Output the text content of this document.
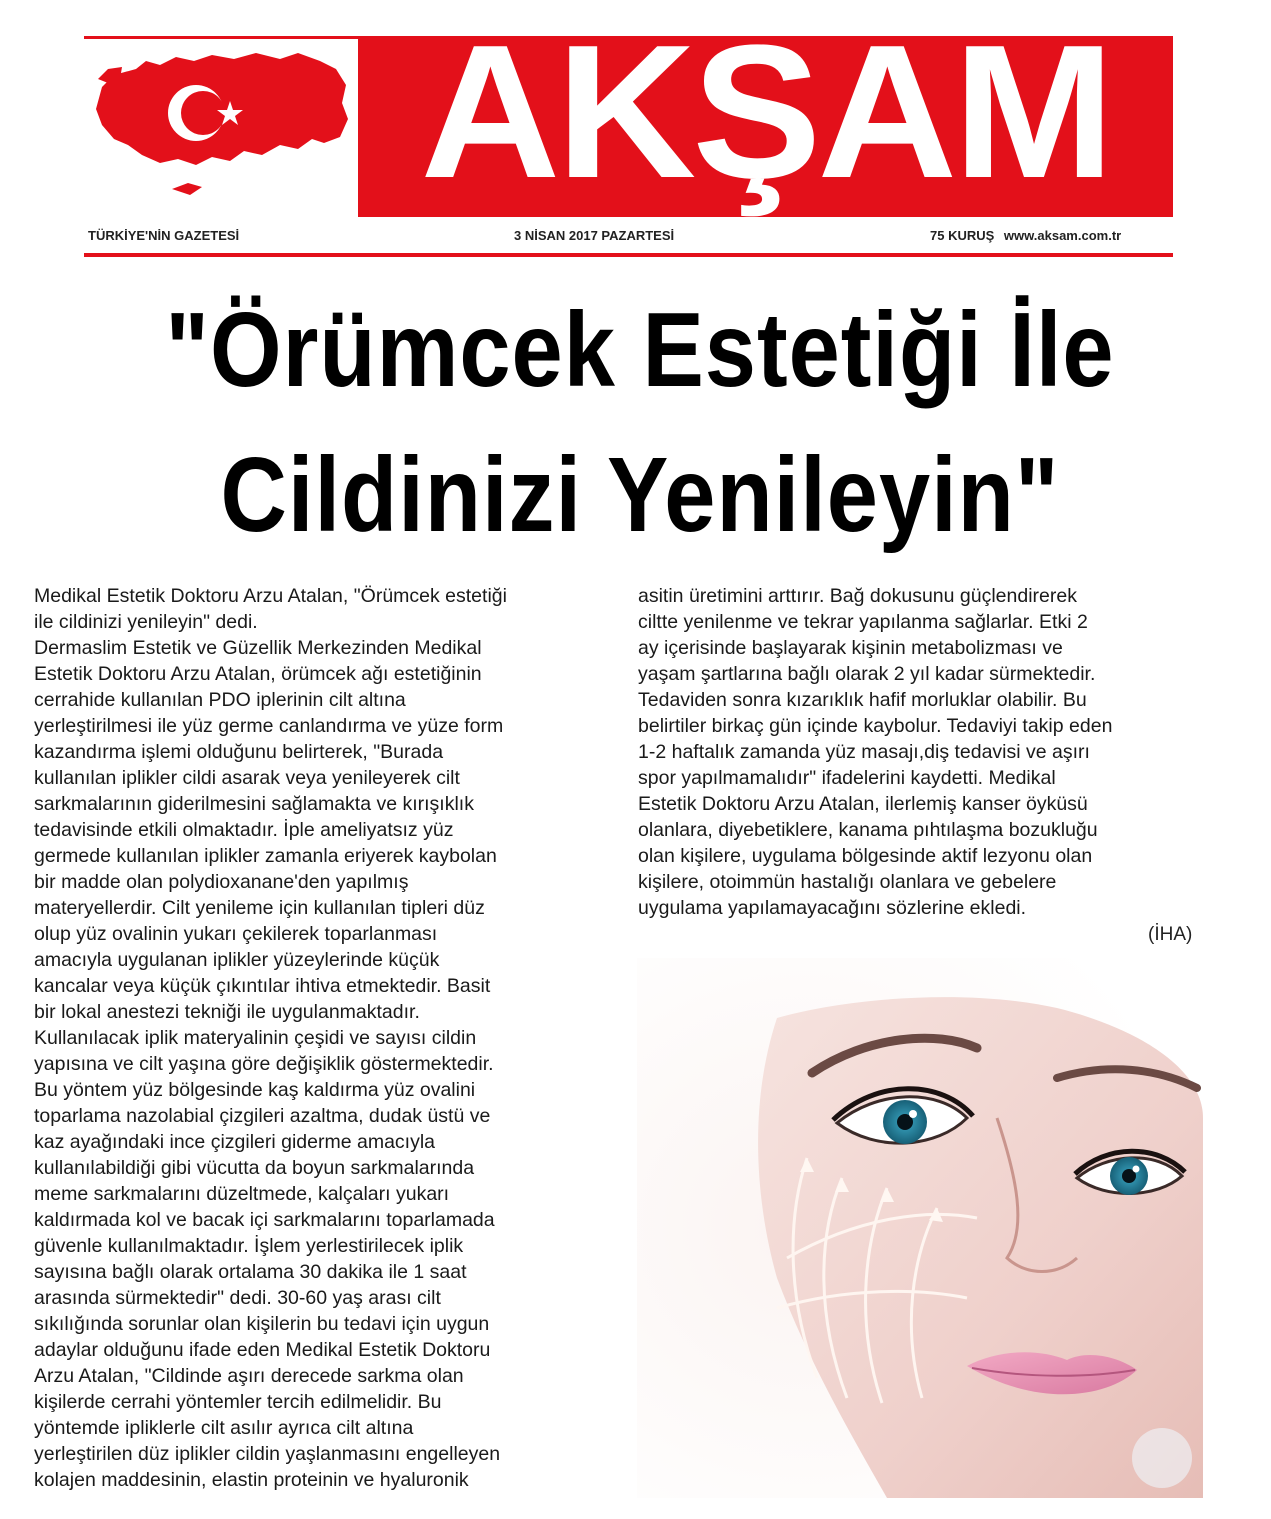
AKŞAM
TÜRKİYE'NİN GAZETESİ	3 NİSAN 2017 PAZARTESİ	75 KURUŞ www.aksam.com.tr
"Örümcek Estetiği İle
Cildinizi Yenileyin"
Medikal Estetik Doktoru Arzu Atalan, "Örümcek estetiği
ile cildinizi yenileyin" dedi.
Dermaslim Estetik ve Güzellik Merkezinden Medikal
Estetik Doktoru Arzu Atalan, örümcek ağı estetiğinin
cerrahide kullanılan PDO iplerinin cilt altına
yerleştirilmesi ile yüz germe canlandırma ve yüze form
kazandırma işlemi olduğunu belirterek, "Burada
kullanılan iplikler cildi asarak veya yenileyerek cilt
sarkmalarının giderilmesini sağlamakta ve kırışıklık
tedavisinde etkili olmaktadır. İple ameliyatsız yüz
germede kullanılan iplikler zamanla eriyerek kaybolan
bir madde olan polydioxanane'den yapılmış
materyellerdir. Cilt yenileme için kullanılan tipleri düz
olup yüz ovalinin yukarı çekilerek toparlanması
amacıyla uygulanan iplikler yüzeylerinde küçük
kancalar veya küçük çıkıntılar ihtiva etmektedir. Basit
bir lokal anestezi tekniği ile uygulanmaktadır.
Kullanılacak iplik materyalinin çeşidi ve sayısı cildin
yapısına ve cilt yaşına göre değişiklik göstermektedir.
Bu yöntem yüz bölgesinde kaş kaldırma yüz ovalini
toparlama nazolabial çizgileri azaltma, dudak üstü ve
kaz ayağındaki ince çizgileri giderme amacıyla
kullanılabildiği gibi vücutta da boyun sarkmalarında
meme sarkmalarını düzeltmede, kalçaları yukarı
kaldırmada kol ve bacak içi sarkmalarını toparlamada
güvenle kullanılmaktadır. İşlem yerlestirilecek iplik
sayısına bağlı olarak ortalama 30 dakika ile 1 saat
arasında sürmektedir" dedi. 30-60 yaş arası cilt
sıkılığında sorunlar olan kişilerin bu tedavi için uygun
adaylar olduğunu ifade eden Medikal Estetik Doktoru
Arzu Atalan, "Cildinde aşırı derecede sarkma olan
kişilerde cerrahi yöntemler tercih edilmelidir. Bu
yöntemde ipliklerle cilt asılır ayrıca cilt altına
yerleştirilen düz iplikler cildin yaşlanmasını engelleyen
kolajen maddesinin, elastin proteinin ve hyaluronik
asitin üretimini arttırır. Bağ dokusunu güçlendirerek
ciltte yenilenme ve tekrar yapılanma sağlarlar. Etki 2
ay içerisinde başlayarak kişinin metabolizması ve
yaşam şartlarına bağlı olarak 2 yıl kadar sürmektedir.
Tedaviden sonra kızarıklık hafif morluklar olabilir. Bu
belirtiler birkaç gün içinde kaybolur. Tedaviyi takip eden
1-2 haftalık zamanda yüz masajı,diş tedavisi ve aşırı
spor yapılmamalıdır" ifadelerini kaydetti. Medikal
Estetik Doktoru Arzu Atalan, ilerlemiş kanser öyküsü
olanlara, diyebetiklere, kanama pıhtılaşma bozukluğu
olan kişilere, uygulama bölgesinde aktif lezyonu olan
kişilere, otoimmün hastalığı olanlara ve gebelere
uygulama yapılamayacağını sözlerine ekledi.
(İHA)
